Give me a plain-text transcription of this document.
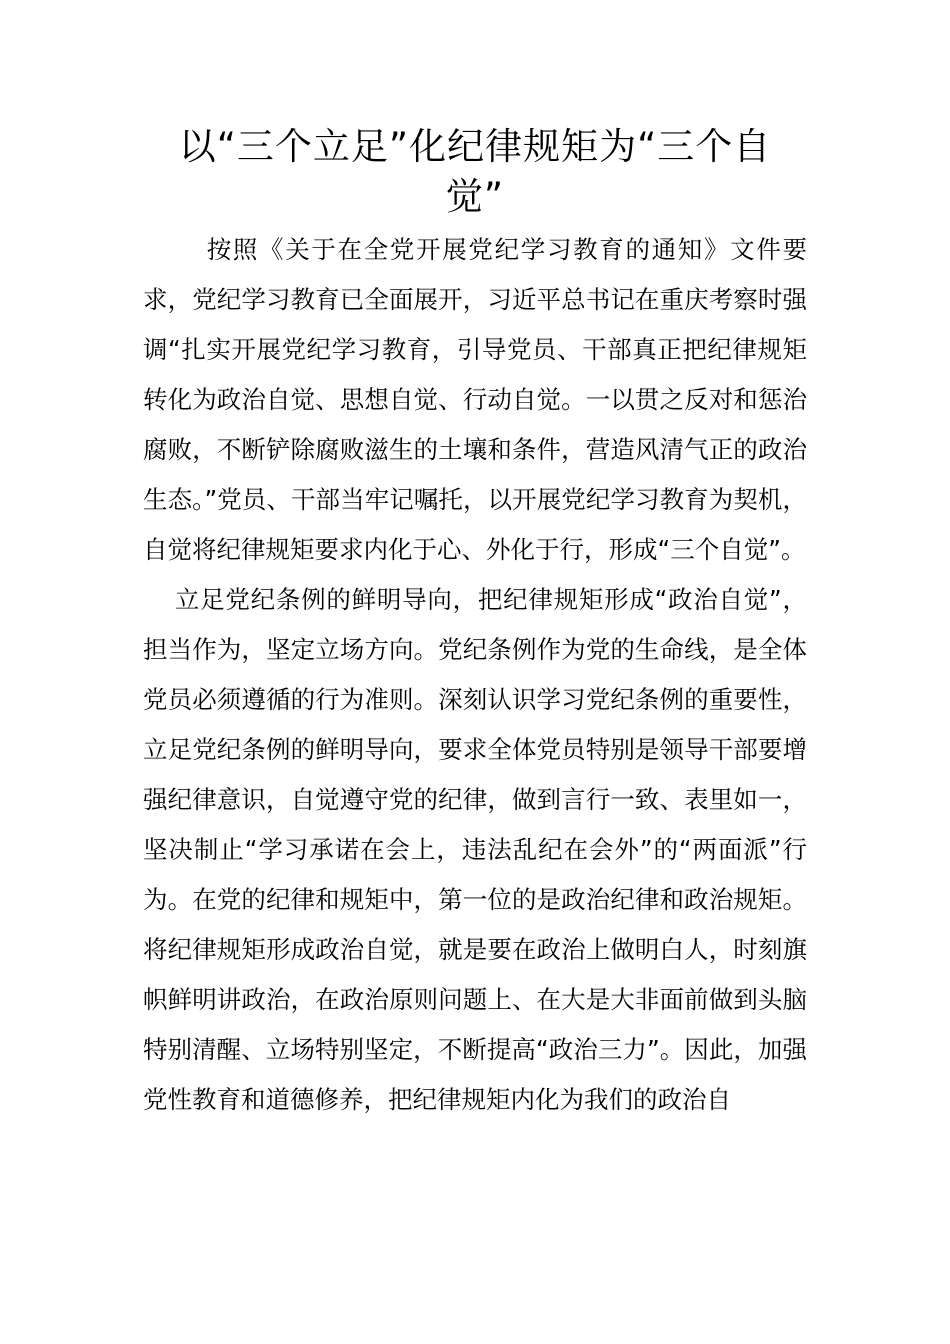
以“三个立足”化纪律规矩为“三个自觉”

按照《关于在全党开展党纪学习教育的通知》文件要求，党纪学习教育已全面展开，习近平总书记在重庆考察时强调“扎实开展党纪学习教育，引导党员、干部真正把纪律规矩转化为政治自觉、思想自觉、行动自觉。一以贯之反对和惩治腐败，不断铲除腐败滋生的土壤和条件，营造风清气正的政治生态。”党员、干部当牢记嘱托，以开展党纪学习教育为契机，自觉将纪律规矩要求内化于心、外化于行，形成“三个自觉”。

立足党纪条例的鲜明导向，把纪律规矩形成“政治自觉”，担当作为，坚定立场方向。党纪条例作为党的生命线，是全体党员必须遵循的行为准则。深刻认识学习党纪条例的重要性，立足党纪条例的鲜明导向，要求全体党员特别是领导干部要增强纪律意识，自觉遵守党的纪律，做到言行一致、表里如一，坚决制止“学习承诺在会上，违法乱纪在会外”的“两面派”行为。在党的纪律和规矩中，第一位的是政治纪律和政治规矩。将纪律规矩形成政治自觉，就是要在政治上做明白人，时刻旗帜鲜明讲政治，在政治原则问题上、在大是大非面前做到头脑特别清醒、立场特别坚定，不断提高“政治三力”。因此，加强党性教育和道德修养，把纪律规矩内化为我们的政治自
